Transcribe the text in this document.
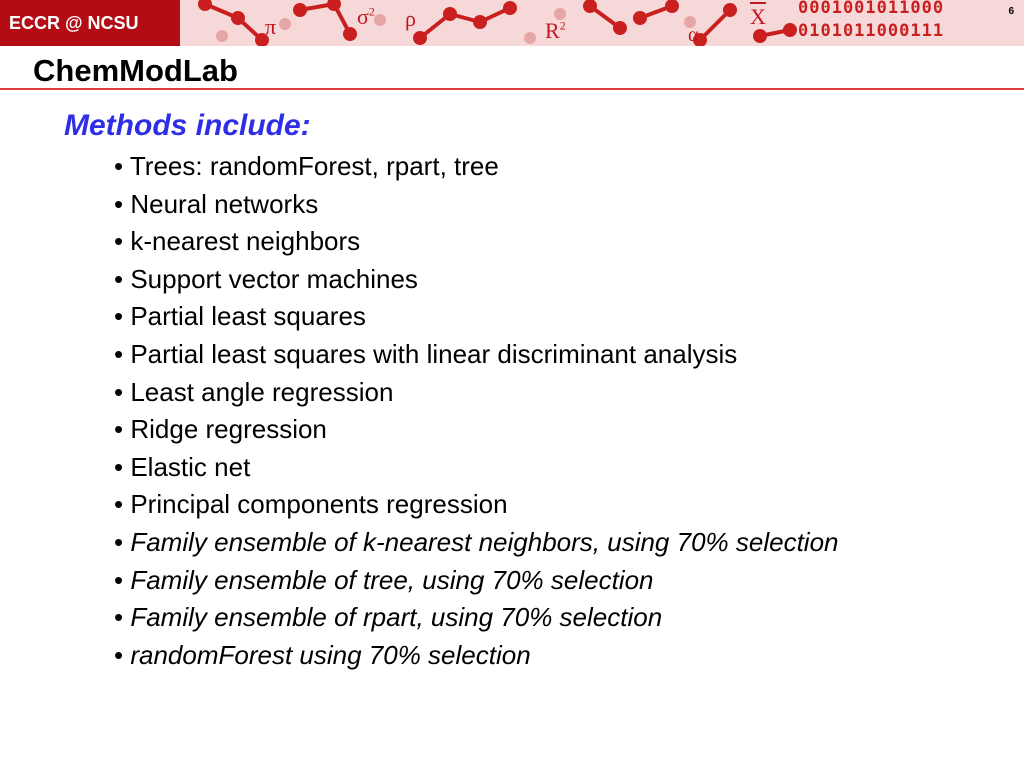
ECCR @ NCSU	π	$\sigma^2$ ρ	$R^2$	α
$\overline{X}$ 0001001011000
0101011000111
6
ChemModLab
Methods include:
• Trees: randomForest, rpart, tree
• Neural networks
• k-nearest neighbors
• Support vector machines
• Partial least squares
• Partial least squares with linear discriminant analysis
• Least angle regression
• Ridge regression
• Elastic net
• Principal components regression
• Family ensemble of k-nearest neighbors, using 70% selection
• Family ensemble of tree, using 70% selection
• Family ensemble of rpart, using 70% selection
• randomForest using 70% selection
